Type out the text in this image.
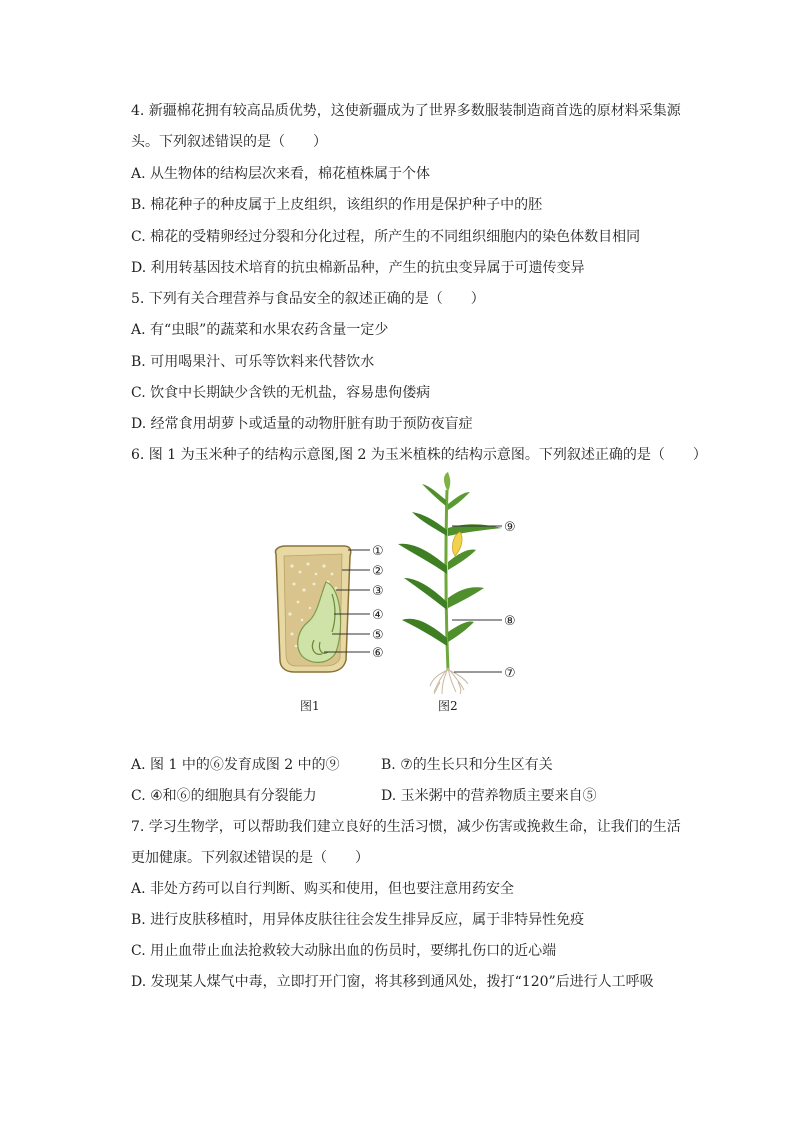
4. 新疆棉花拥有较高品质优势，这使新疆成为了世界多数服装制造商首选的原材料采集源
头。下列叙述错误的是（　　）
A. 从生物体的结构层次来看，棉花植株属于个体
B. 棉花种子的种皮属于上皮组织，该组织的作用是保护种子中的胚
C. 棉花的受精卵经过分裂和分化过程，所产生的不同组织细胞内的染色体数目相同
D. 利用转基因技术培育的抗虫棉新品种，产生的抗虫变异属于可遗传变异
5. 下列有关合理营养与食品安全的叙述正确的是（　　）
A. 有“虫眼”的蔬菜和水果农药含量一定少
B. 可用喝果汁、可乐等饮料来代替饮水
C. 饮食中长期缺少含铁的无机盐，容易患佝偻病
D. 经常食用胡萝卜或适量的动物肝脏有助于预防夜盲症
6. 图 1 为玉米种子的结构示意图,图 2 为玉米植株的结构示意图。下列叙述正确的是（　　）
①
②
③
④
⑤
⑥
图1
⑨
⑧
⑦
图2
A. 图 1 中的⑥发育成图 2 中的⑨	B. ⑦的生长只和分生区有关
C. ④和⑥的细胞具有分裂能力	D. 玉米粥中的营养物质主要来自⑤
7. 学习生物学，可以帮助我们建立良好的生活习惯，减少伤害或挽救生命，让我们的生活
更加健康。下列叙述错误的是（　　）
A. 非处方药可以自行判断、购买和使用，但也要注意用药安全
B. 进行皮肤移植时，用异体皮肤往往会发生排异反应，属于非特异性免疫
C. 用止血带止血法抢救较大动脉出血的伤员时，要绑扎伤口的近心端
D. 发现某人煤气中毒，立即打开门窗，将其移到通风处，拨打“120”后进行人工呼吸
